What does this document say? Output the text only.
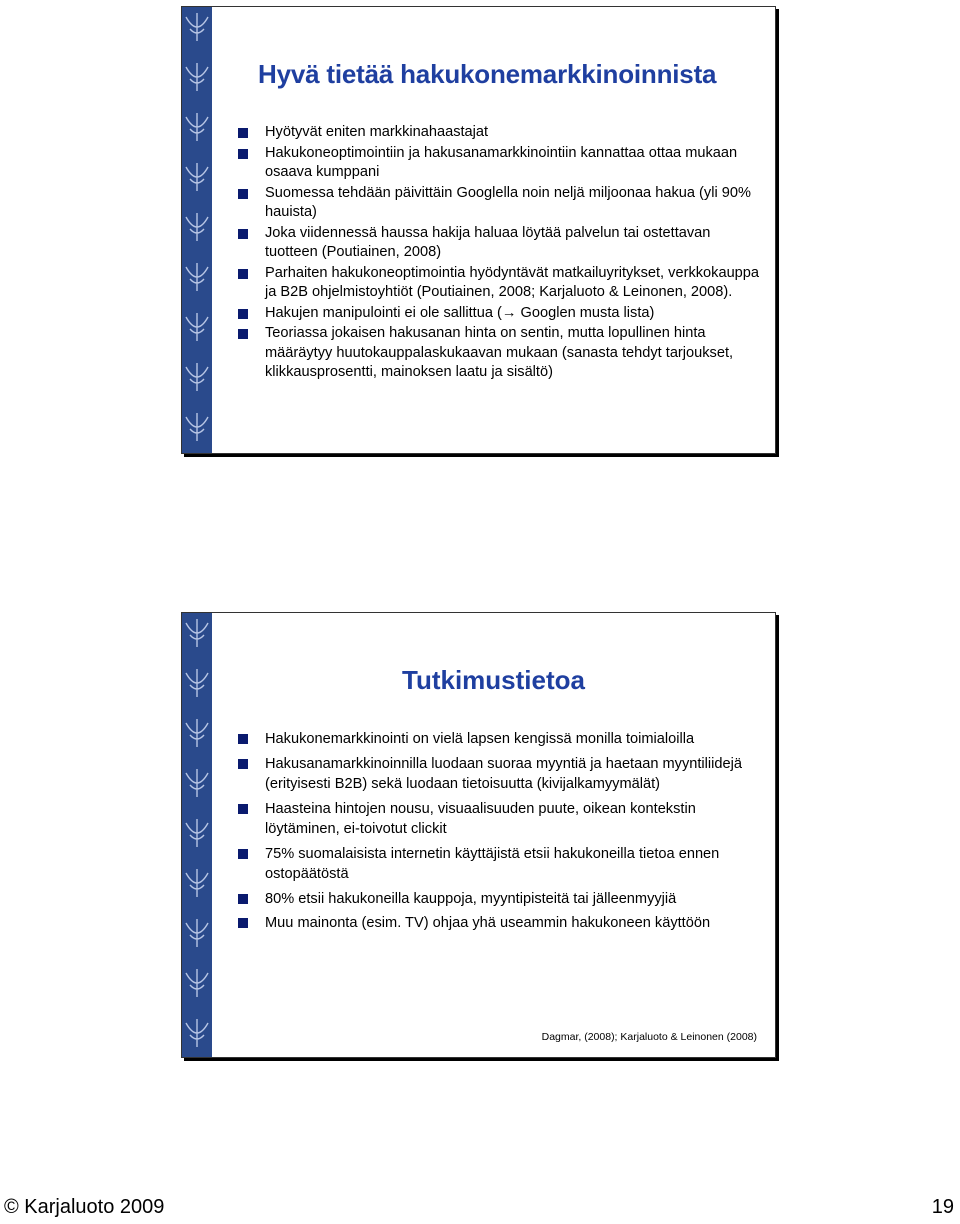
Hyvä tietää hakukonemarkkinoinnista
Hyötyvät eniten markkinahaastajat
Hakukoneoptimointiin ja hakusanamarkkinointiin kannattaa ottaa mukaan osaava kumppani
Suomessa tehdään päivittäin Googlella noin neljä miljoonaa hakua (yli 90% hauista)
Joka viidennessä haussa hakija haluaa löytää palvelun tai ostettavan tuotteen (Poutiainen, 2008)
Parhaiten hakukoneoptimointia hyödyntävät matkailuyritykset, verkkokauppa ja B2B ohjelmistoyhtiöt (Poutiainen, 2008; Karjaluoto & Leinonen, 2008).
Hakujen manipulointi ei ole sallittua (→ Googlen musta lista)
Teoriassa jokaisen hakusanan hinta on sentin, mutta lopullinen hinta määräytyy huutokauppalaskukaavan mukaan (sanasta tehdyt tarjoukset, klikkausprosentti, mainoksen laatu ja sisältö)
Tutkimustietoa
Hakukonemarkkinointi on vielä lapsen kengissä monilla toimialoilla
Hakusanamarkkinoinnilla luodaan suoraa myyntiä ja haetaan myyntiliidejä (erityisesti B2B) sekä luodaan tietoisuutta (kivijalkamyymälät)
Haasteina hintojen nousu, visuaalisuuden puute, oikean kontekstin löytäminen, ei-toivotut clickit
75% suomalaisista internetin käyttäjistä etsii hakukoneilla tietoa ennen ostopäätöstä
80% etsii hakukoneilla kauppoja, myyntipisteitä tai jälleenmyyjiä
Muu mainonta (esim. TV) ohjaa yhä useammin hakukoneen käyttöön
Dagmar, (2008); Karjaluoto & Leinonen (2008)
© Karjaluoto 2009	19
